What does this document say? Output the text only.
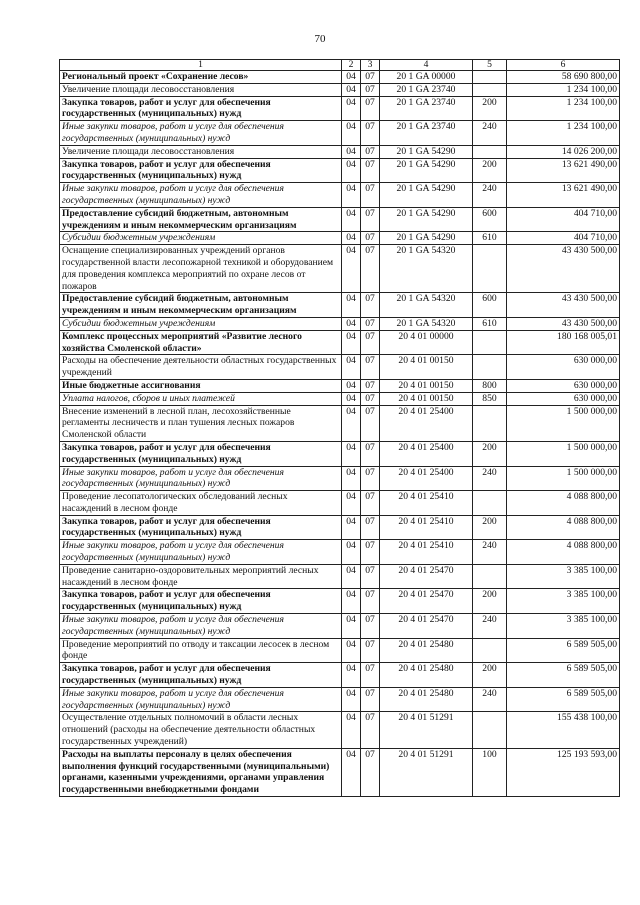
70
1	2	3	4	5	6
Региональный проект «Сохранение лесов»	04	07	20 1 GA 00000		58 690 800,00
Увеличение площади лесовосстановления	04	07	20 1 GA 23740		1 234 100,00
Закупка товаров, работ и услуг для обеспечения государственных (муниципальных) нужд	04	07	20 1 GA 23740	200	1 234 100,00
Иные закупки товаров, работ и услуг для обеспечения государственных (муниципальных) нужд	04	07	20 1 GA 23740	240	1 234 100,00
Увеличение площади лесовосстановления	04	07	20 1 GA 54290		14 026 200,00
Закупка товаров, работ и услуг для обеспечения государственных (муниципальных) нужд	04	07	20 1 GA 54290	200	13 621 490,00
Иные закупки товаров, работ и услуг для обеспечения государственных (муниципальных) нужд	04	07	20 1 GA 54290	240	13 621 490,00
Предоставление субсидий бюджетным, автономным учреждениям и иным некоммерческим организациям	04	07	20 1 GA 54290	600	404 710,00
Субсидии бюджетным учреждениям	04	07	20 1 GA 54290	610	404 710,00
Оснащение специализированных учреждений органов государственной власти лесопожарной техникой и оборудованием для проведения комплекса мероприятий по охране лесов от пожаров	04	07	20 1 GA 54320		43 430 500,00
Предоставление субсидий бюджетным, автономным учреждениям и иным некоммерческим организациям	04	07	20 1 GA 54320	600	43 430 500,00
Субсидии бюджетным учреждениям	04	07	20 1 GA 54320	610	43 430 500,00
Комплекс процессных мероприятий «Развитие лесного хозяйства Смоленской области»	04	07	20 4 01 00000		180 168 005,01
Расходы на обеспечение деятельности областных государственных учреждений	04	07	20 4 01 00150		630 000,00
Иные бюджетные ассигнования	04	07	20 4 01 00150	800	630 000,00
Уплата налогов, сборов и иных платежей	04	07	20 4 01 00150	850	630 000,00
Внесение изменений в лесной план, лесохозяйственные регламенты лесничеств и план тушения лесных пожаров Смоленской области	04	07	20 4 01 25400		1 500 000,00
Закупка товаров, работ и услуг для обеспечения государственных (муниципальных) нужд	04	07	20 4 01 25400	200	1 500 000,00
Иные закупки товаров, работ и услуг для обеспечения государственных (муниципальных) нужд	04	07	20 4 01 25400	240	1 500 000,00
Проведение лесопатологических обследований лесных насаждений в лесном фонде	04	07	20 4 01 25410		4 088 800,00
Закупка товаров, работ и услуг для обеспечения государственных (муниципальных) нужд	04	07	20 4 01 25410	200	4 088 800,00
Иные закупки товаров, работ и услуг для обеспечения государственных (муниципальных) нужд	04	07	20 4 01 25410	240	4 088 800,00
Проведение санитарно-оздоровительных мероприятий лесных насаждений в лесном фонде	04	07	20 4 01 25470		3 385 100,00
Закупка товаров, работ и услуг для обеспечения государственных (муниципальных) нужд	04	07	20 4 01 25470	200	3 385 100,00
Иные закупки товаров, работ и услуг для обеспечения государственных (муниципальных) нужд	04	07	20 4 01 25470	240	3 385 100,00
Проведение мероприятий по отводу и таксации лесосек в лесном фонде	04	07	20 4 01 25480		6 589 505,00
Закупка товаров, работ и услуг для обеспечения государственных (муниципальных) нужд	04	07	20 4 01 25480	200	6 589 505,00
Иные закупки товаров, работ и услуг для обеспечения государственных (муниципальных) нужд	04	07	20 4 01 25480	240	6 589 505,00
Осуществление отдельных полномочий в области лесных отношений (расходы на обеспечение деятельности областных государственных учреждений)	04	07	20 4 01 51291		155 438 100,00
Расходы на выплаты персоналу в целях обеспечения выполнения функций государственными (муниципальными) органами, казенными учреждениями, органами управления государственными внебюджетными фондами	04	07	20 4 01 51291	100	125 193 593,00
